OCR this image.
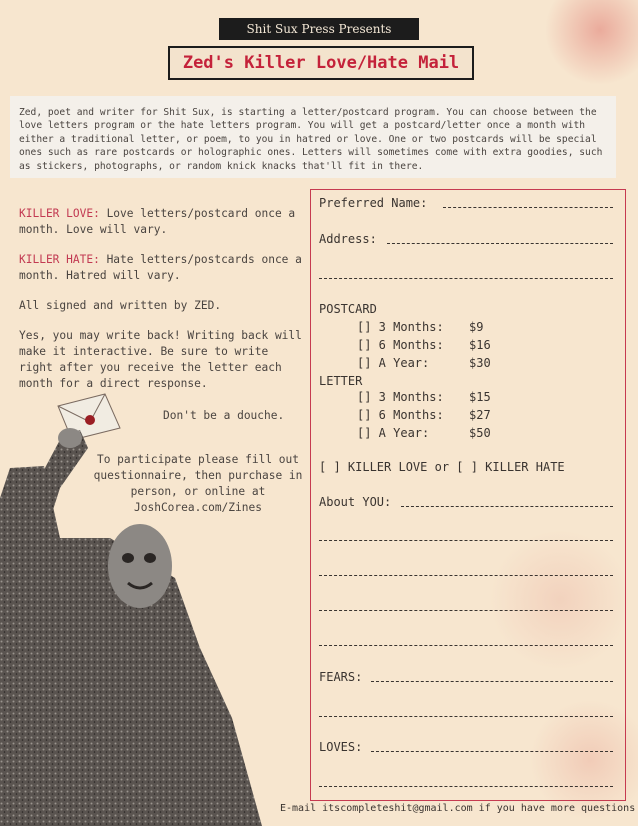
Shit Sux Press Presents
Zed's Killer Love/Hate Mail
Zed, poet and writer for Shit Sux, is starting a letter/postcard program. You can choose between the love letters program or the hate letters program. You will get a postcard/letter once a month with either a traditional letter, or poem, to you in hatred or love. One or two postcards will be special ones such as rare postcards or holographic ones. Letters will sometimes come with extra goodies, such as stickers, photographs, or random knick knacks that'll fit in there.

KILLER LOVE: Love letters/postcard once a month. Love will vary.

KILLER HATE: Hate letters/postcards once a month. Hatred will vary.

All signed and written by ZED.

Yes, you may write back! Writing back will make it interactive. Be sure to write right after you receive the letter each month for a direct response.

Don't be a douche.
To participate please fill out questionnaire, then purchase in person, or online at
JoshCorea.com/Zines
Preferred Name:
Address:
POSTCARD
[] 3 Months: $9
[] 6 Months: $16
[] A Year:	$30
LETTER
[] 3 Months: $15
[] 6 Months: $27
[] A Year:	$50
[ ] KILLER LOVE or [ ] KILLER HATE
About YOU:
FEARS:
LOVES:
E-mail itscompleteshit@gmail.com if you have more questions
